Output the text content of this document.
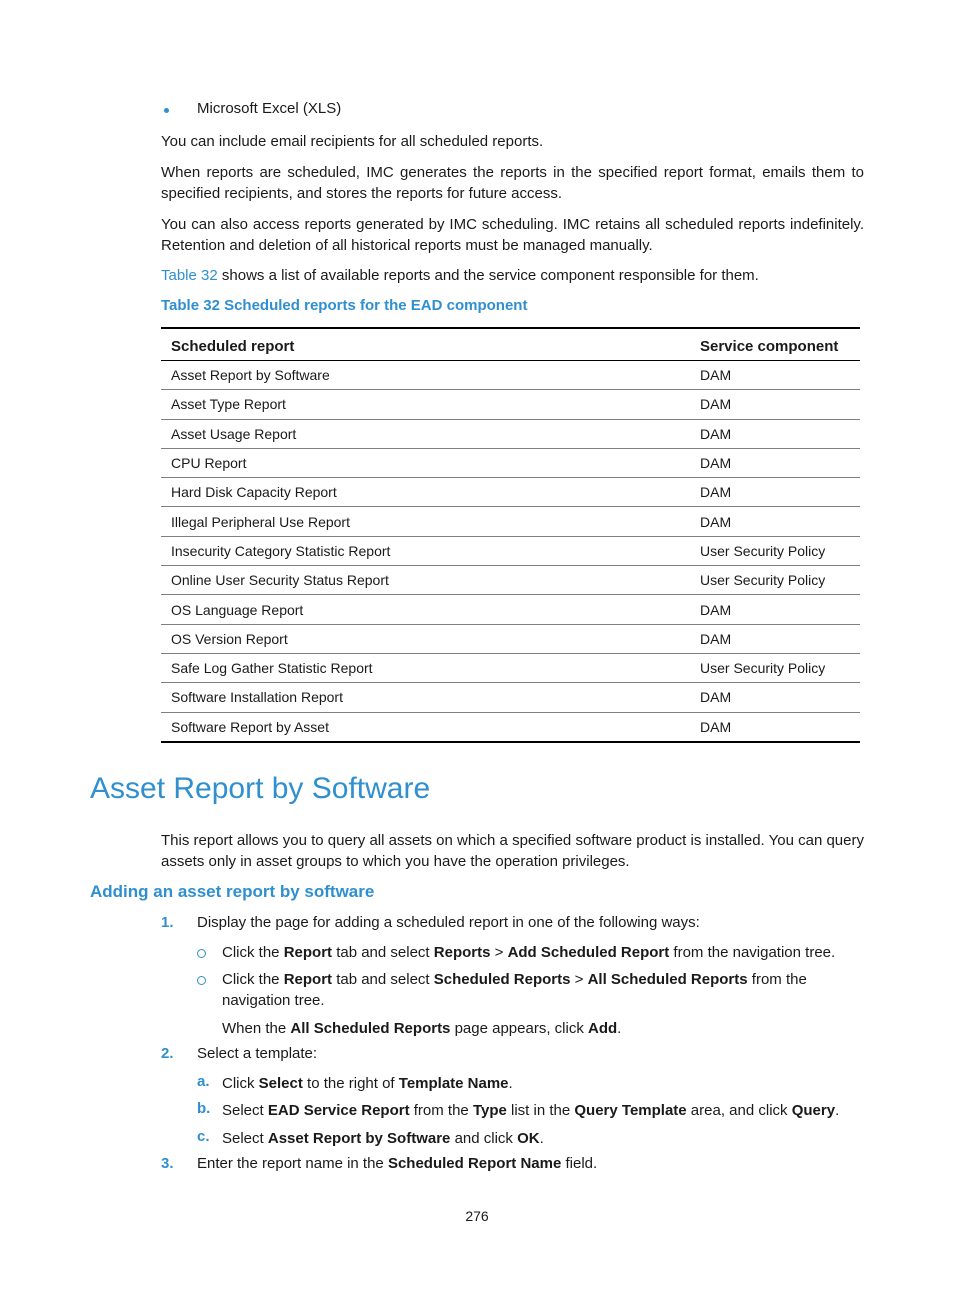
Microsoft Excel (XLS)
You can include email recipients for all scheduled reports.
When reports are scheduled, IMC generates the reports in the specified report format, emails them to specified recipients, and stores the reports for future access.
You can also access reports generated by IMC scheduling. IMC retains all scheduled reports indefinitely. Retention and deletion of all historical reports must be managed manually.
Table 32 shows a list of available reports and the service component responsible for them.
Table 32 Scheduled reports for the EAD component
Scheduled report	Service component
Asset Report by Software	DAM
Asset Type Report	DAM
Asset Usage Report	DAM
CPU Report	DAM
Hard Disk Capacity Report	DAM
Illegal Peripheral Use Report	DAM
Insecurity Category Statistic Report	User Security Policy
Online User Security Status Report	User Security Policy
OS Language Report	DAM
OS Version Report	DAM
Safe Log Gather Statistic Report	User Security Policy
Software Installation Report	DAM
Software Report by Asset	DAM
Asset Report by Software
This report allows you to query all assets on which a specified software product is installed. You can query assets only in asset groups to which you have the operation privileges.
Adding an asset report by software
1. Display the page for adding a scheduled report in one of the following ways:
Click the Report tab and select Reports > Add Scheduled Report from the navigation tree.
Click the Report tab and select Scheduled Reports > All Scheduled Reports from the navigation tree.
When the All Scheduled Reports page appears, click Add.
2. Select a template:
a. Click Select to the right of Template Name.
b. Select EAD Service Report from the Type list in the Query Template area, and click Query.
c. Select Asset Report by Software and click OK.
3. Enter the report name in the Scheduled Report Name field.
276
